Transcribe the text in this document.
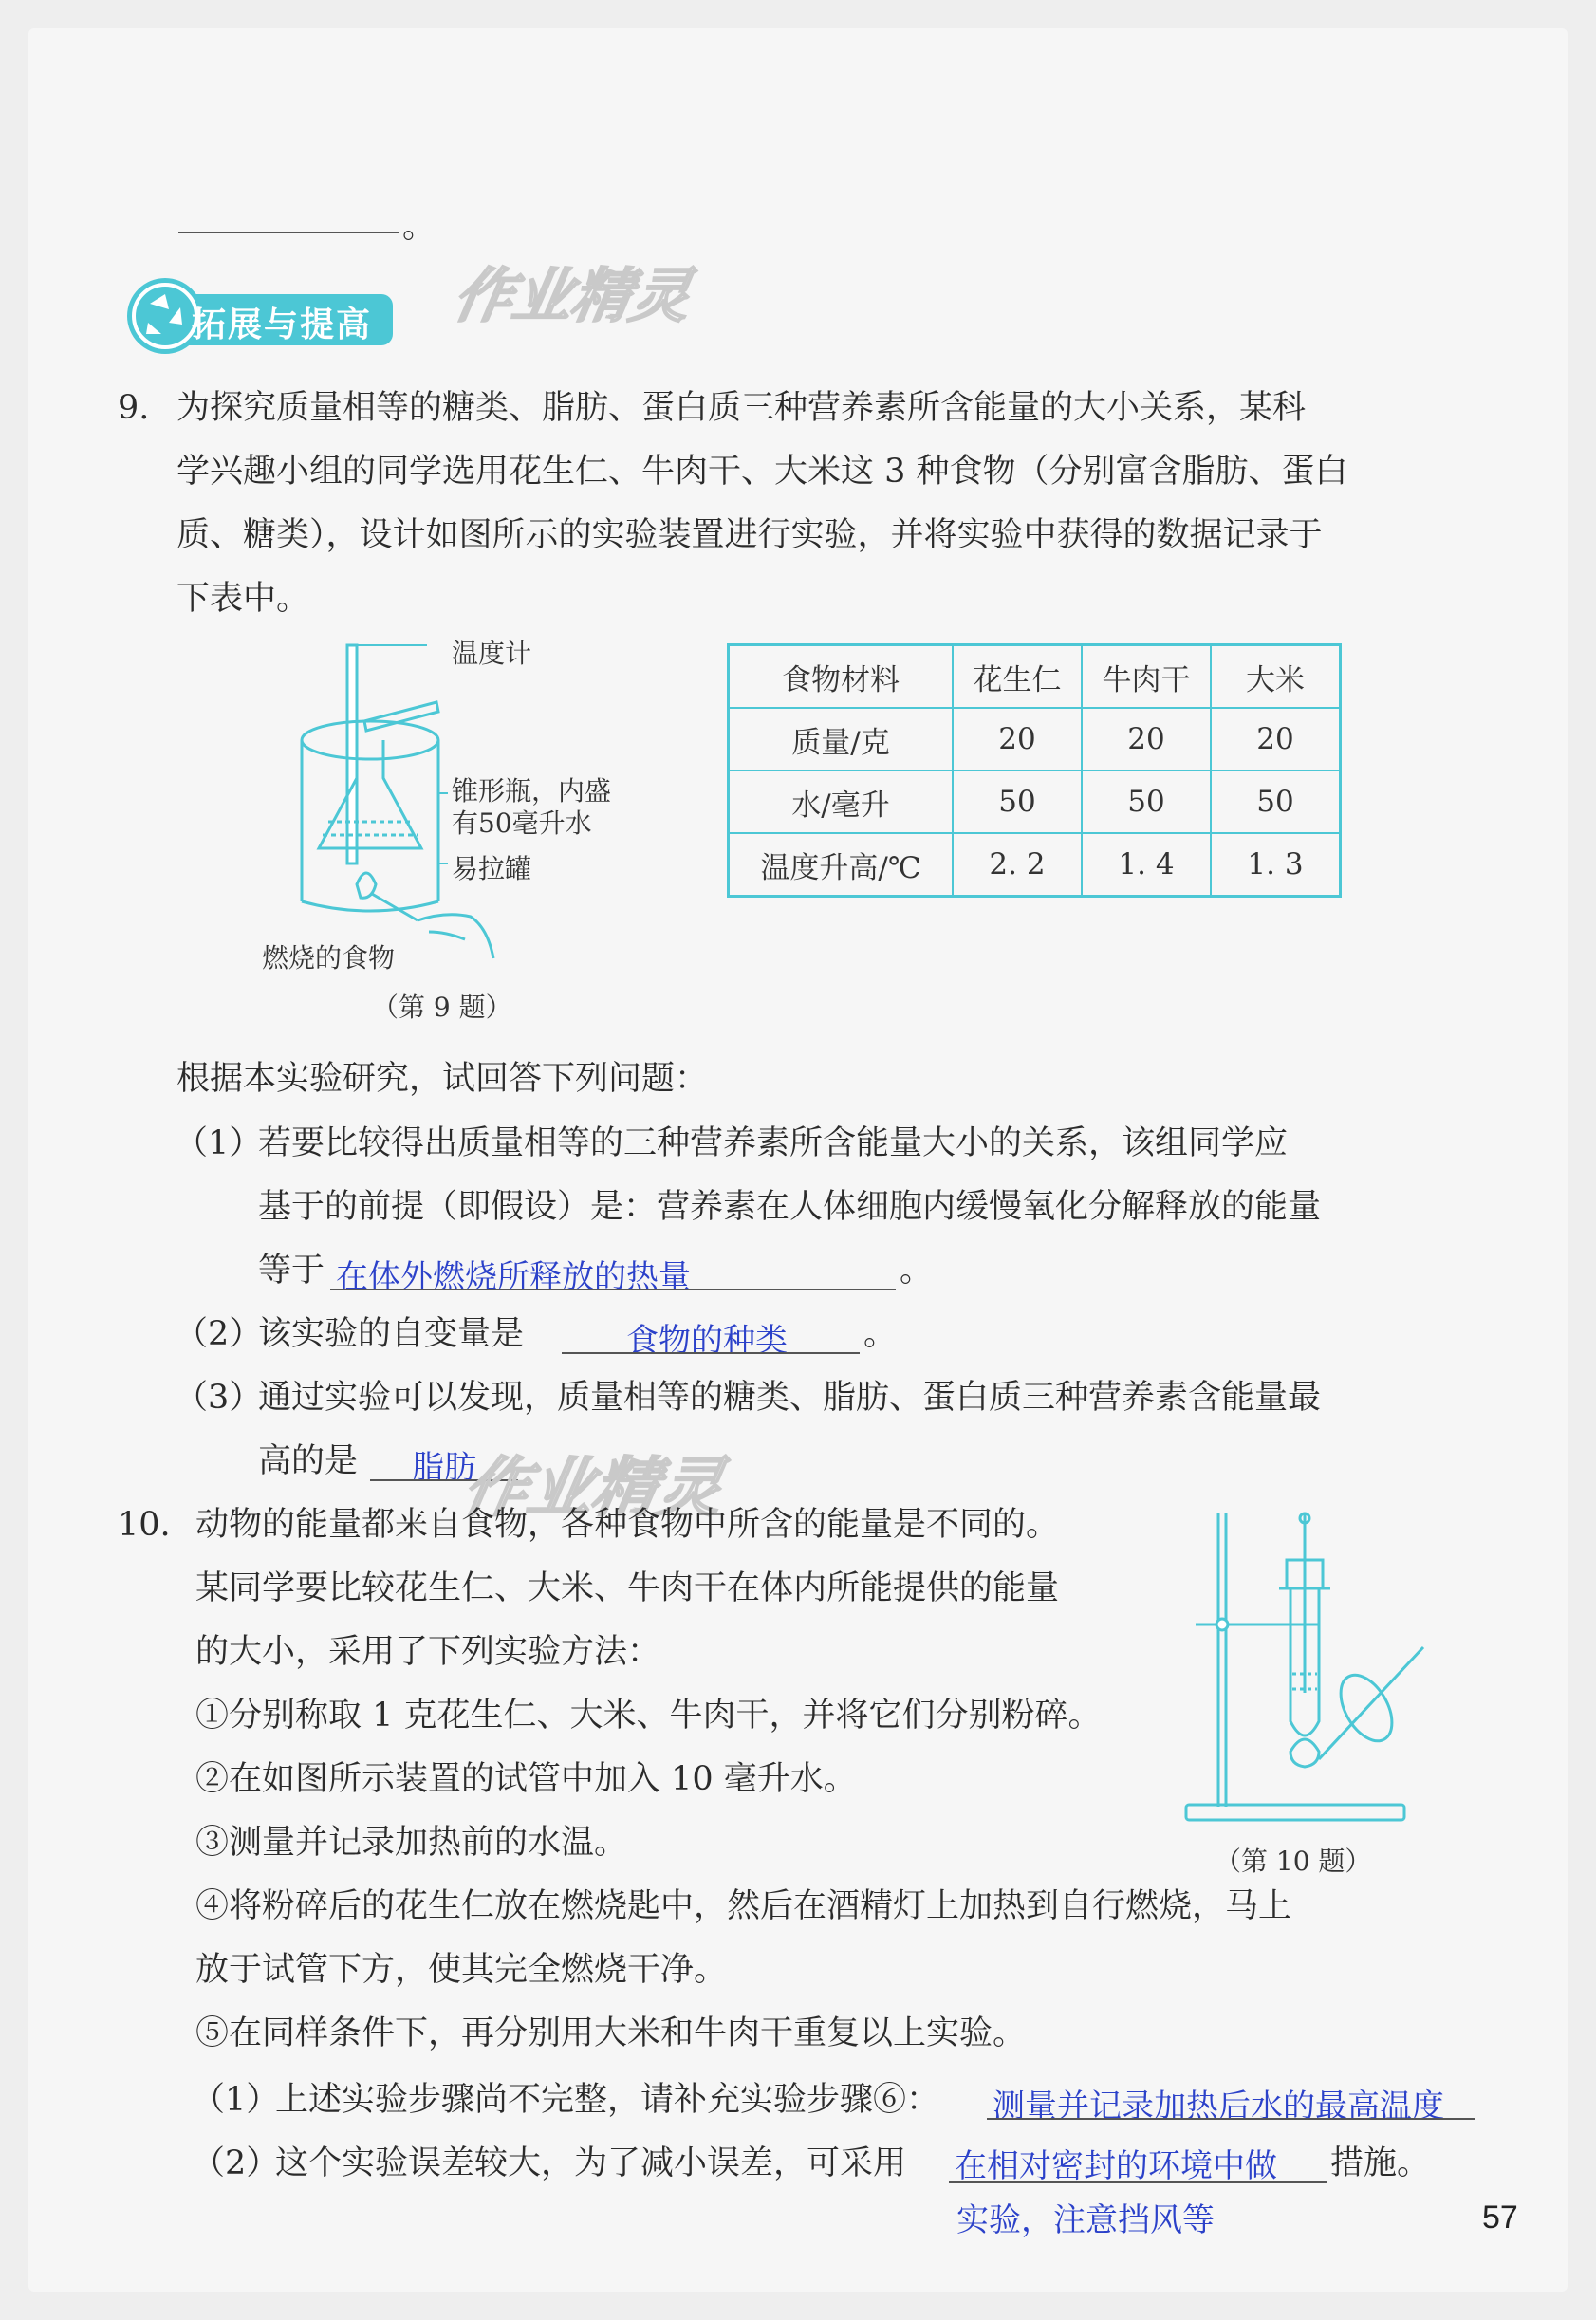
。
拓展与提高 作业精灵
9. 为探究质量相等的糖类、脂肪、蛋白质三种营养素所含能量的大小关系，某科
学兴趣小组的同学选用花生仁、牛肉干、大米这 3 种食物（分别富含脂肪、蛋白
质、糖类），设计如图所示的实验装置进行实验，并将实验中获得的数据记录于
下表中。
温度计
锥形瓶，内盛
有50毫升水
易拉罐
燃烧的食物
（第 9 题）
食物材料	花生仁	牛肉干	大米
质量/克	20	20	20
水/毫升	50	50	50
温度升高/℃	2. 2	1. 4	1. 3
根据本实验研究，试回答下列问题：
（1）
若要比较得出质量相等的三种营养素所含能量大小的关系，该组同学应
基于的前提（即假设）是：营养素在人体细胞内缓慢氧化分解释放的能量
等于 在体外燃烧所释放的热量	。
（2）
该实验的自变量是	食物的种类 。
（3）
通过实验可以发现，质量相等的糖类、脂肪、蛋白质三种营养素含能量最
高的是 脂肪
作业精灵
10. 动物的能量都来自食物，各种食物中所含的能量是不同的。
某同学要比较花生仁、大米、牛肉干在体内所能提供的能量
的大小，采用了下列实验方法：
①分别称取 1 克花生仁、大米、牛肉干，并将它们分别粉碎。
②在如图所示装置的试管中加入 10 毫升水。
③测量并记录加热前的水温。
④将粉碎后的花生仁放在燃烧匙中，然后在酒精灯上加热到自行燃烧，马上
放于试管下方，使其完全燃烧干净。
⑤在同样条件下，再分别用大米和牛肉干重复以上实验。
（第 10 题）
（1）
上述实验步骤尚不完整，请补充实验步骤⑥： 测量并记录加热后水的最高温度
（2）
这个实验误差较大，为了减小误差，可采用 在相对密封的环境中做 措施。
实验，注意挡风等	57
